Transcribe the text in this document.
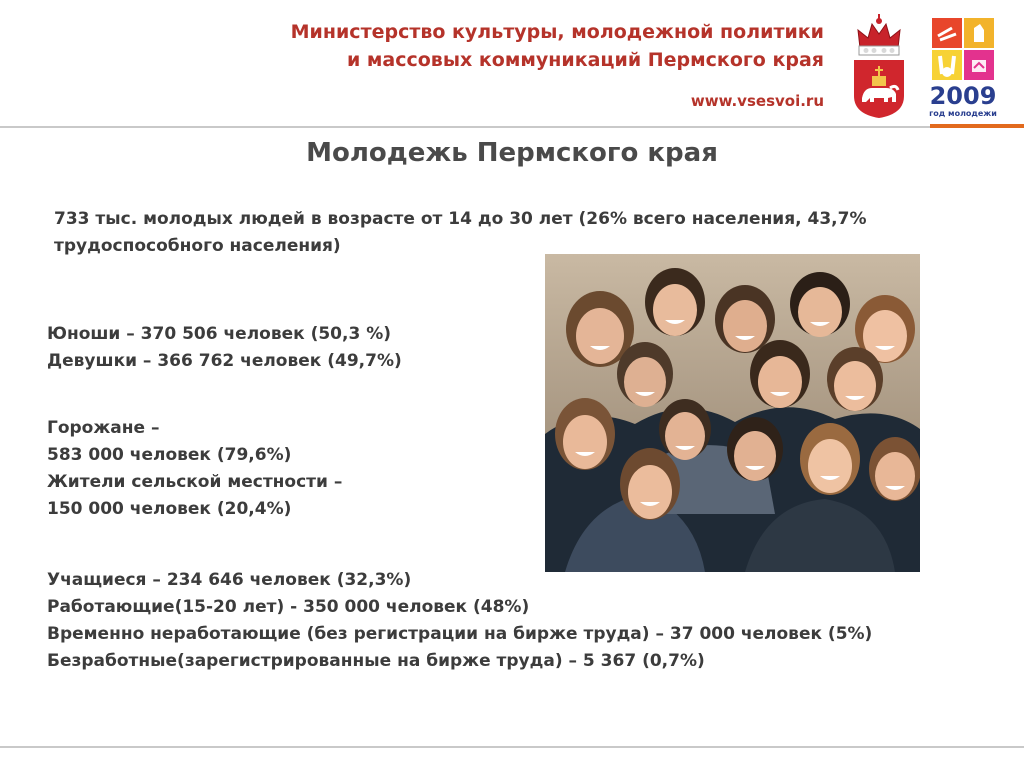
Министерство культуры, молодежной политики
и массовых коммуникаций Пермского края
www.vsesvoi.ru	2009
год молодежи
Молодежь Пермского края
733 тыс. молодых людей в возрасте от 14 до 30 лет (26% всего населения, 43,7% трудоспособного населения)
Юноши – 370 506 человек (50,3 %)
Девушки – 366 762 человек (49,7%)
Горожане –
583 000 человек (79,6%)
Жители сельской местности –
150 000 человек (20,4%)
Учащиеся – 234 646 человек (32,3%)
Работающие(15-20 лет) - 350 000 человек (48%)
Временно неработающие (без регистрации на бирже труда) – 37 000 человек (5%)
Безработные(зарегистрированные на бирже труда) – 5 367 (0,7%)
